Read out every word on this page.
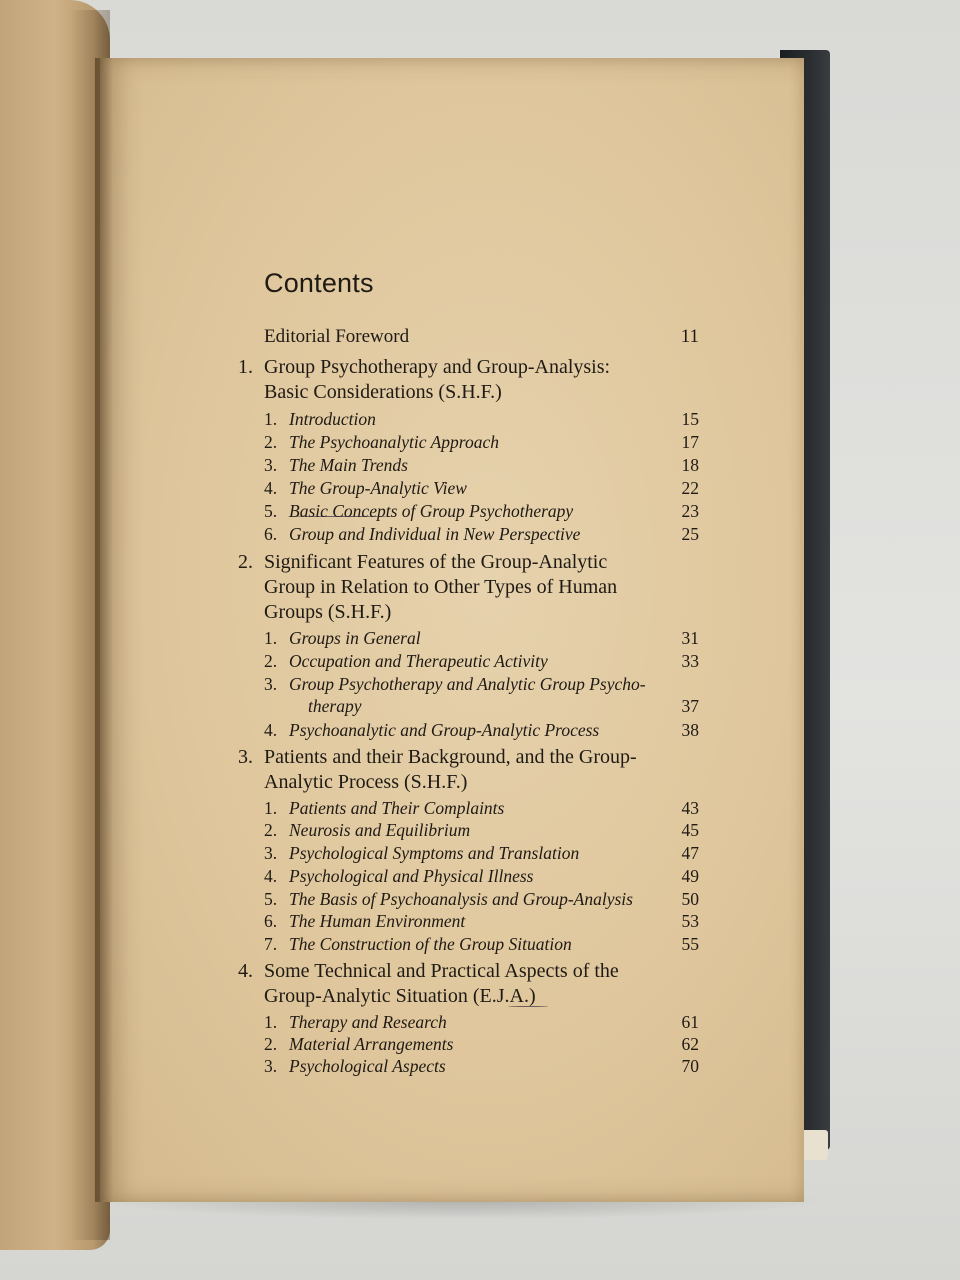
Contents
Editorial Foreword	11
1. Group Psychotherapy and Group-Analysis:
Basic Considerations (S.H.F.)
1. Introduction	15
2. The Psychoanalytic Approach	17
3. The Main Trends	18
4. The Group-Analytic View	22
5. Basic Concepts of Group Psychotherapy	23
6. Group and Individual in New Perspective	25
2. Significant Features of the Group-Analytic
Group in Relation to Other Types of Human
Groups (S.H.F.)
1. Groups in General	31
2. Occupation and Therapeutic Activity	33
3. Group Psychotherapy and Analytic Group Psycho-
therapy	37
4. Psychoanalytic and Group-Analytic Process	38
3. Patients and their Background, and the Group-
Analytic Process (S.H.F.)
1. Patients and Their Complaints	43
2. Neurosis and Equilibrium	45
3. Psychological Symptoms and Translation	47
4. Psychological and Physical Illness	49
5. The Basis of Psychoanalysis and Group-Analysis	50
6. The Human Environment	53
7. The Construction of the Group Situation	55
4. Some Technical and Practical Aspects of the
Group-Analytic Situation (E.J.A.)
1. Therapy and Research	61
2. Material Arrangements	62
3. Psychological Aspects	70
